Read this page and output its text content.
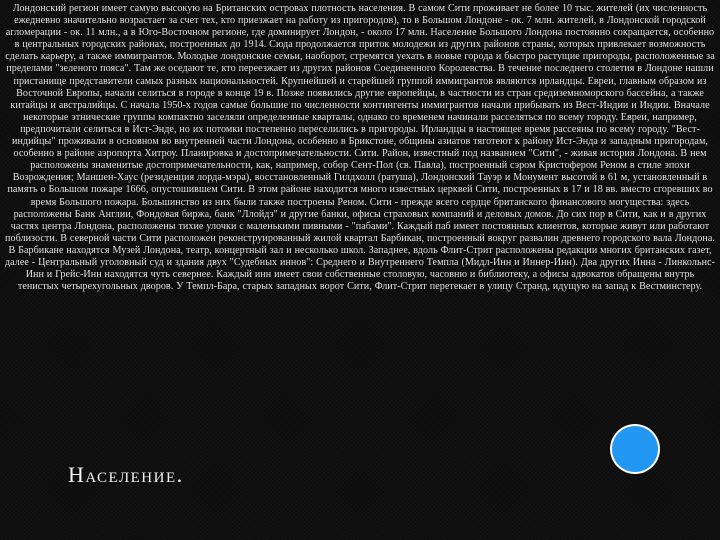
Лондонский регион имеет самую высокую на Британских островах плотность населения. В самом Сити проживает не более 10 тыс. жителей (их численность ежедневно значительно возрастает за счет тех, кто приезжает на работу из пригородов), то в Большом Лондоне - ок. 7 млн. жителей, в Лондонской городской агломерации - ок. 11 млн., а в Юго-Восточном регионе, где доминирует Лондон, - около 17 млн. Население Большого Лондона постоянно сокращается, особенно в центральных городских районах, построенных до 1914. Сюда продолжается приток молодежи из других районов страны, которых привлекает возможность сделать карьеру, а также иммигрантов. Молодые лондонские семьи, наоборот, стремятся уехать в новые города и быстро растущие пригороды, расположенные за пределами "зеленого пояса". Там же оседают те, кто переезжает из других районов Соединенного Королевства. В течение последнего столетия в Лондоне нашли пристанище представители самых разных национальностей. Крупнейшей и старейшей группой иммигрантов являются ирландцы. Евреи, главным образом из Восточной Европы, начали селиться в городе в конце 19 в. Позже появились другие европейцы, в частности из стран средиземноморского бассейна, а также китайцы и австралийцы. С начала 1950-х годов самые большие по численности контингенты иммигрантов начали прибывать из Вест-Индии и Индии. Вначале некоторые этнические группы компактно заселяли определенные кварталы, однако со временем начинали расселяться по всему городу. Евреи, например, предпочитали селиться в Ист-Энде, но их потомки постепенно переселились в пригороды. Ирландцы в настоящее время рассеяны по всему городу. "Вест-индийцы" проживали в основном во внутренней части Лондона, особенно в Брикстоне, общины азиатов тяготеют к району Ист-Энда и западным пригородам, особенно в районе аэропорта Хитроу. Планировка и достопримечательности. Сити. Район, известный под названием "Сити", - живая история Лондона. В нем расположены знаменитые достопримечательности, как, например, собор Сент-Пол (св. Павла), построенный сэром Кристофером Реном в стиле эпохи Возрождения; Маншен-Хаус (резиденция лорда-мэра), восстановленный Гилдхолл (ратуша), Лондонский Тауэр и Монумент высотой в 61 м, установленный в память о Большом пожаре 1666, опустошившем Сити. В этом районе находится много известных церквей Сити, построенных в 17 и 18 вв. вместо сгоревших во время Большого пожара. Большинство из них были также построены Реном. Сити - прежде всего сердце британского финансового могущества: здесь расположены Банк Англии, Фондовая биржа, банк "Ллойдз" и другие банки, офисы страховых компаний и деловых домов. До сих пор в Сити, как и в других частях центра Лондона, расположены тихие улочки с маленькими пивными - "пабами". Каждый паб имеет постоянных клиентов, которые живут или работают поблизости. В северной части Сити расположен реконструированный жилой квартал Барбикан, построенный вокруг развалин древнего городского вала Лондона. В Барбикане находятся Музей Лондона, театр, концертный зал и несколько школ. Западнее, вдоль Флит-Стрит расположены редакции многих британских газет, далее - Центральный уголовный суд и здания двух "Судебных иннов": Среднего и Внутреннего Темпла (Мидл-Инн и Иннер-Инн). Два других Инна - Линкольнс-Инн и Грейс-Инн находятся чуть севернее. Каждый инн имеет свои собственные столовую, часовню и библиотеку, а офисы адвокатов обращены внутрь тенистых четырехугольных дворов. У Темпл-Бара, старых западных ворот Сити, Флит-Стрит перетекает в улицу Странд, идущую на запад к Вестминстеру.

Население.
